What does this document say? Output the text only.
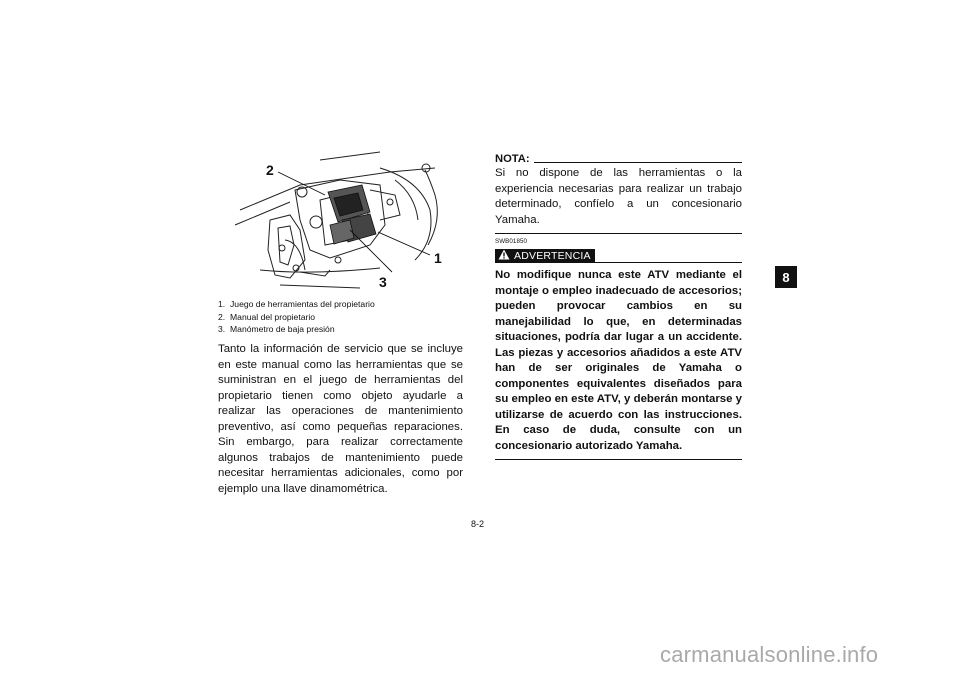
2
1
3
1. Juego de herramientas del propietario
2. Manual del propietario
3. Manómetro de baja presión
Tanto la información de servicio que se incluye en este manual como las herramientas que se suministran en el juego de herramientas del propietario tienen como objeto ayudarle a realizar las operaciones de mantenimiento preventivo, así como pequeñas reparaciones. Sin embargo, para realizar correctamente algunos trabajos de mantenimiento puede necesitar herramientas adicionales, como por ejemplo una llave dinamométrica.
NOTA:
Si no dispone de las herramientas o la experiencia necesarias para realizar un trabajo determinado, confíelo a un concesionario Yamaha.
SWB01850
ADVERTENCIA
No modifique nunca este ATV mediante el montaje o empleo inadecuado de accesorios; pueden provocar cambios en su manejabilidad lo que, en determinadas situaciones, podría dar lugar a un accidente. Las piezas y accesorios añadidos a este ATV han de ser originales de Yamaha o componentes equivalentes diseñados para su empleo en este ATV, y deberán montarse y utilizarse de acuerdo con las instrucciones. En caso de duda, consulte con un concesionario autorizado Yamaha.
8-2
8
carmanualsonline.info
